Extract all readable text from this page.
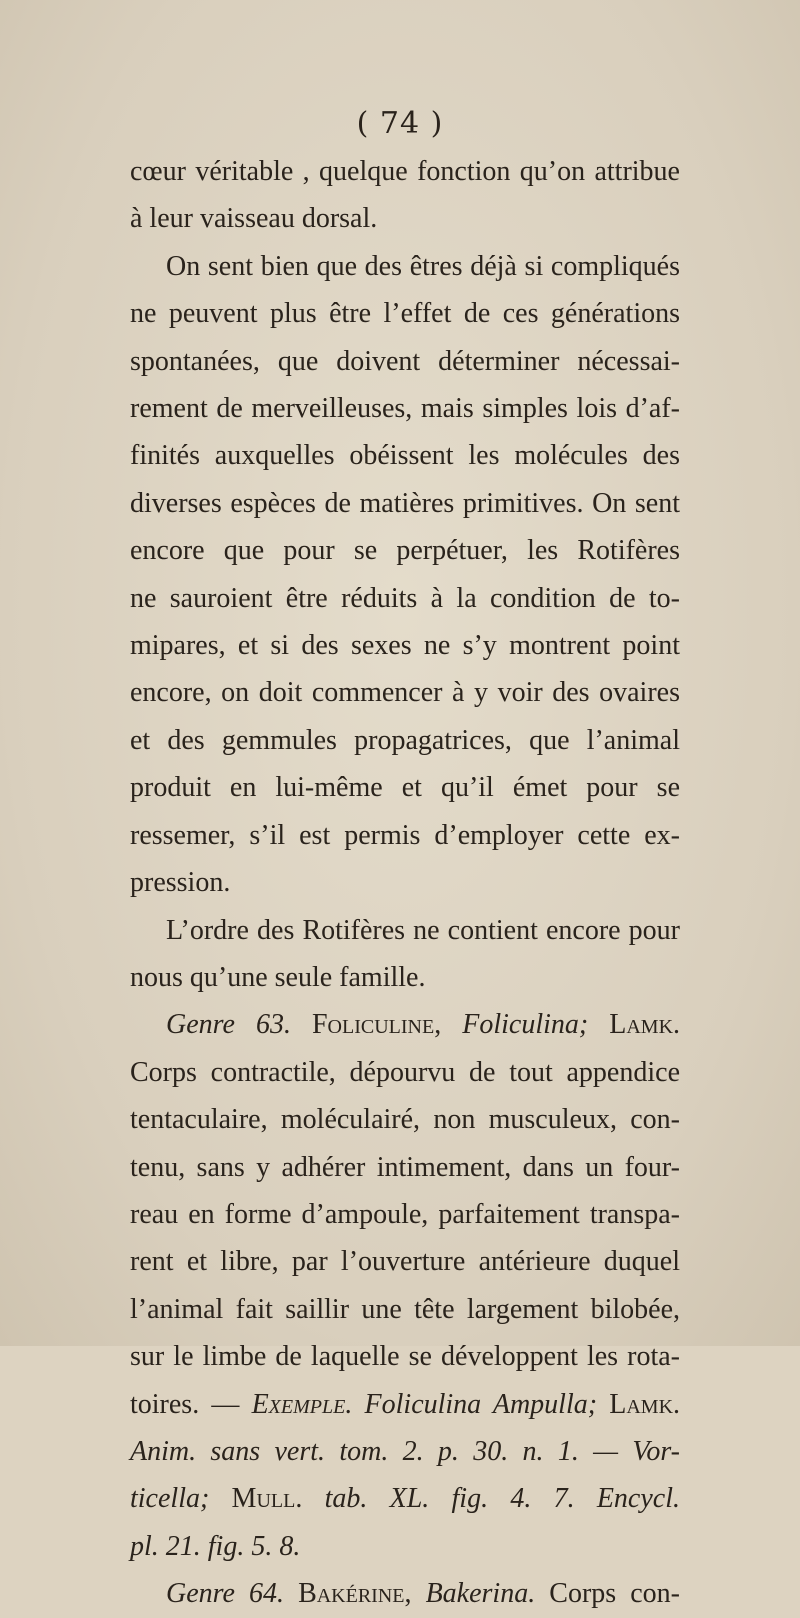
( 74 )
cœur véritable , quelque fonction qu’on attribue
à leur vaisseau dorsal.
On sent bien que des êtres déjà si compliqués
ne peuvent plus être l’effet de ces générations
spontanées, que doivent déterminer nécessai-
rement de merveilleuses, mais simples lois d’af-
finités auxquelles obéissent les molécules des
diverses espèces de matières primitives. On sent
encore que pour se perpétuer, les Rotifères
ne sauroient être réduits à la condition de to-
mipares, et si des sexes ne s’y montrent point
encore, on doit commencer à y voir des ovaires
et des gemmules propagatrices, que l’animal
produit en lui-même et qu’il émet pour se
ressemer, s’il est permis d’employer cette ex-
pression.
L’ordre des Rotifères ne contient encore pour
nous qu’une seule famille.
Genre 63. Foliculine, Foliculina; Lamk.
Corps contractile, dépourvu de tout appendice
tentaculaire, moléculairé, non musculeux, con-
tenu, sans y adhérer intimement, dans un four-
reau en forme d’ampoule, parfaitement transpa-
rent et libre, par l’ouverture antérieure duquel
l’animal fait saillir une tête largement bilobée,
sur le limbe de laquelle se développent les rota-
toires. — Exemple. Foliculina Ampulla; Lamk.
Anim. sans vert. tom. 2. p. 30. n. 1. — Vor-
ticella; Mull. tab. XL. fig. 4. 7. Encycl.
pl. 21. fig. 5. 8.
Genre 64. Bakérine, Bakerina. Corps con-
